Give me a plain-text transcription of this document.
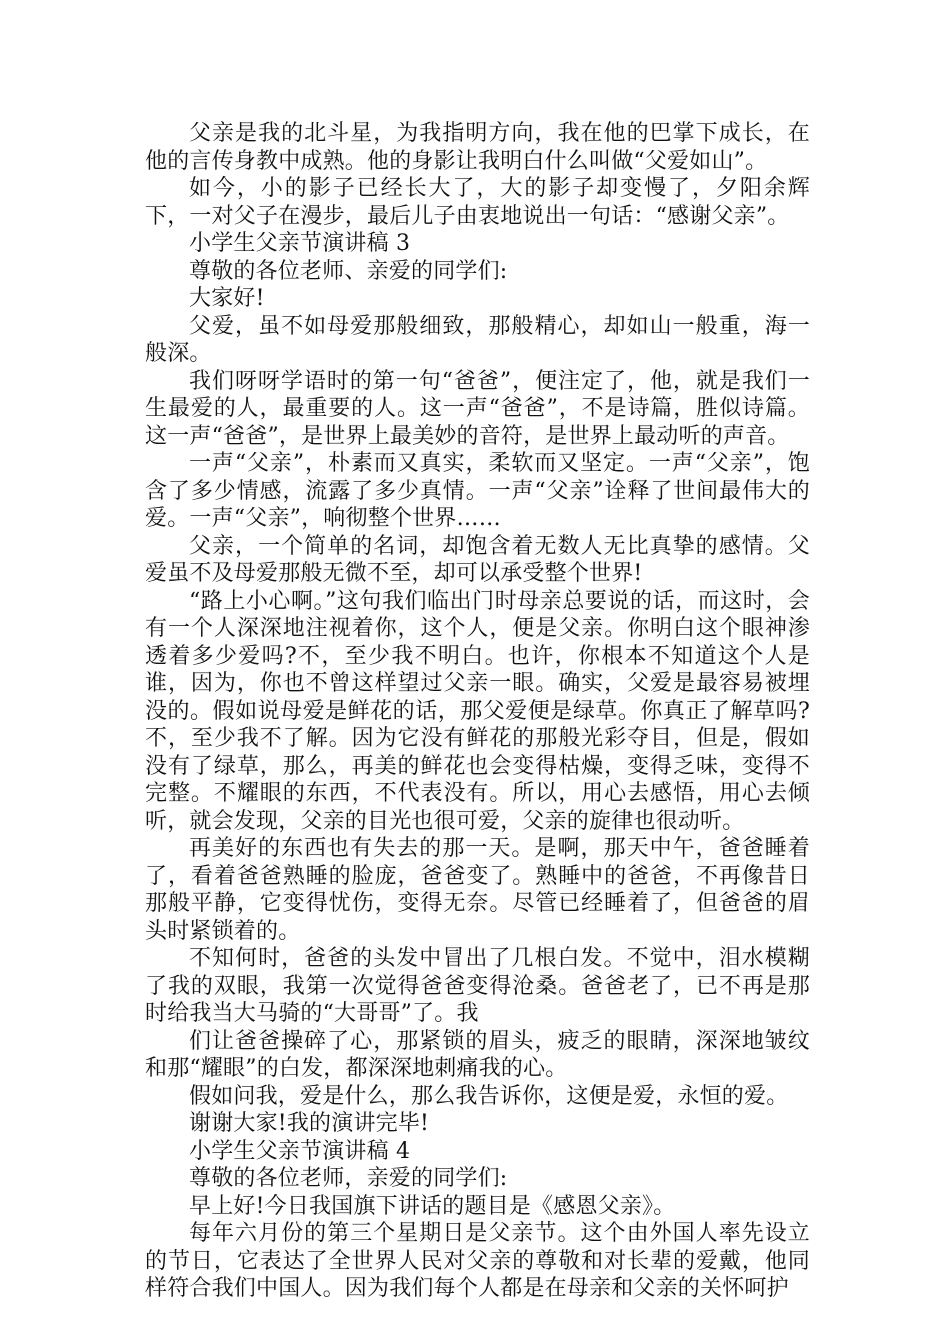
父亲是我的北斗星，为我指明方向，我在他的巴掌下成长，在他的言传身教中成熟。他的身影让我明白什么叫做“父爱如山”。

如今，小的影子已经长大了，大的影子却变慢了，夕阳余辉下，一对父子在漫步，最后儿子由衷地说出一句话：“感谢父亲”。

小学生父亲节演讲稿 3

尊敬的各位老师、亲爱的同学们:

大家好!

父爱，虽不如母爱那般细致，那般精心，却如山一般重，海一般深。

我们呀呀学语时的第一句“爸爸”，便注定了，他，就是我们一生最爱的人，最重要的人。这一声“爸爸”，不是诗篇，胜似诗篇。这一声“爸爸”，是世界上最美妙的音符，是世界上最动听的声音。

一声“父亲”，朴素而又真实，柔软而又坚定。一声“父亲”，饱含了多少情感，流露了多少真情。一声“父亲”诠释了世间最伟大的爱。一声“父亲”，响彻整个世界……

父亲，一个简单的名词，却饱含着无数人无比真挚的感情。父爱虽不及母爱那般无微不至，却可以承受整个世界!

“路上小心啊。”这句我们临出门时母亲总要说的话，而这时，会有一个人深深地注视着你，这个人，便是父亲。你明白这个眼神渗透着多少爱吗?不，至少我不明白。也许，你根本不知道这个人是谁，因为，你也不曾这样望过父亲一眼。确实，父爱是最容易被埋没的。假如说母爱是鲜花的话，那父爱便是绿草。你真正了解草吗?不，至少我不了解。因为它没有鲜花的那般光彩夺目，但是，假如没有了绿草，那么，再美的鲜花也会变得枯燥，变得乏味，变得不完整。不耀眼的东西，不代表没有。所以，用心去感悟，用心去倾听，就会发现，父亲的目光也很可爱，父亲的旋律也很动听。

再美好的东西也有失去的那一天。是啊，那天中午，爸爸睡着了，看着爸爸熟睡的脸庞，爸爸变了。熟睡中的爸爸，不再像昔日那般平静，它变得忧伤，变得无奈。尽管已经睡着了，但爸爸的眉头时紧锁着的。

不知何时，爸爸的头发中冒出了几根白发。不觉中，泪水模糊了我的双眼，我第一次觉得爸爸变得沧桑。爸爸老了，已不再是那时给我当大马骑的“大哥哥”了。我

们让爸爸操碎了心，那紧锁的眉头，疲乏的眼睛，深深地皱纹和那“耀眼”的白发，都深深地刺痛我的心。

假如问我，爱是什么，那么我告诉你，这便是爱，永恒的爱。

谢谢大家!我的演讲完毕!

小学生父亲节演讲稿 4

尊敬的各位老师，亲爱的同学们:

早上好!今日我国旗下讲话的题目是《感恩父亲》。

每年六月份的第三个星期日是父亲节。这个由外国人率先设立的节日，它表达了全世界人民对父亲的尊敬和对长辈的爱戴，他同样符合我们中国人。因为我们每个人都是在母亲和父亲的关怀呵护
